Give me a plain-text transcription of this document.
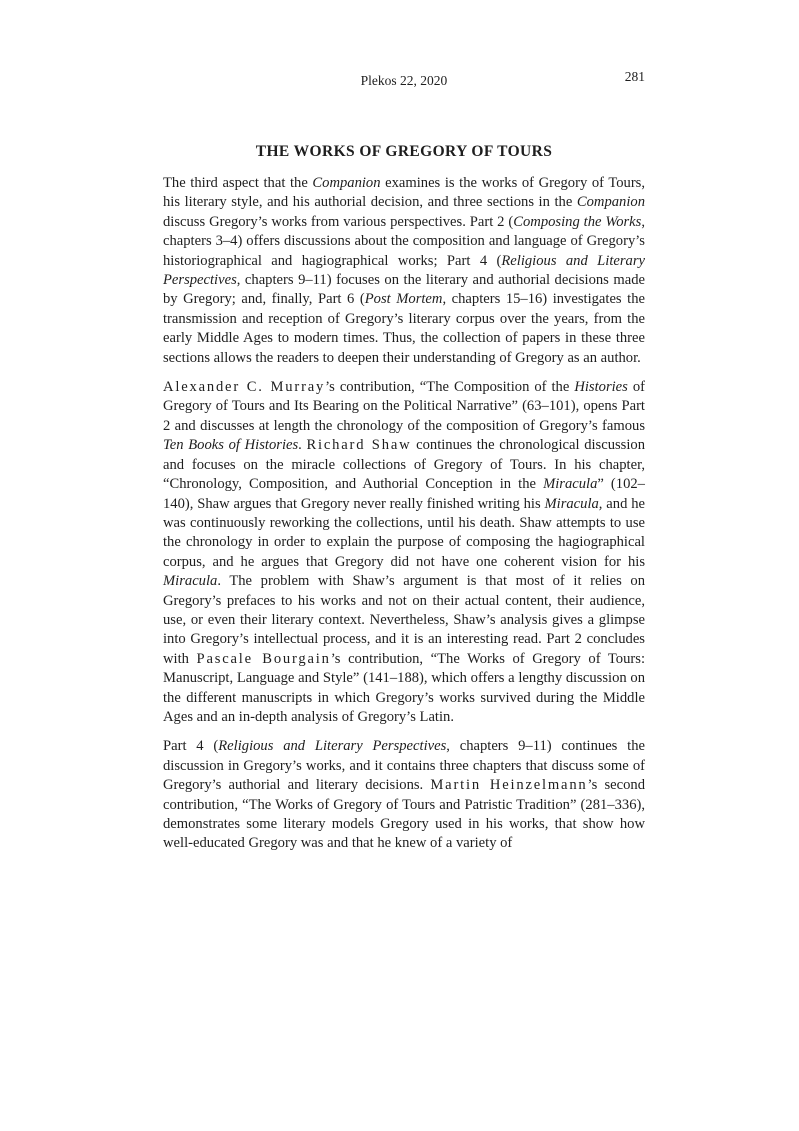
Plekos 22, 2020	281
THE WORKS OF GREGORY OF TOURS

The third aspect that the Companion examines is the works of Gregory of Tours, his literary style, and his authorial decision, and three sections in the Companion discuss Gregory’s works from various perspectives. Part 2 (Composing the Works, chapters 3–4) offers discussions about the composition and language of Gregory’s historiographical and hagiographical works; Part 4 (Religious and Literary Perspectives, chapters 9–11) focuses on the literary and authorial decisions made by Gregory; and, finally, Part 6 (Post Mortem, chapters 15–16) investigates the transmission and reception of Gregory’s literary corpus over the years, from the early Middle Ages to modern times. Thus, the collection of papers in these three sections allows the readers to deepen their understanding of Gregory as an author.

Alexander C. Murray’s contribution, “The Composition of the Histories of Gregory of Tours and Its Bearing on the Political Narrative” (63–101), opens Part 2 and discusses at length the chronology of the composition of Gregory’s famous Ten Books of Histories. Richard Shaw continues the chronological discussion and focuses on the miracle collections of Gregory of Tours. In his chapter, “Chronology, Composition, and Authorial Conception in the Miracula” (102–140), Shaw argues that Gregory never really finished writing his Miracula, and he was continuously reworking the collections, until his death. Shaw attempts to use the chronology in order to explain the purpose of composing the hagiographical corpus, and he argues that Gregory did not have one coherent vision for his Miracula. The problem with Shaw’s argument is that most of it relies on Gregory’s prefaces to his works and not on their actual content, their audience, use, or even their literary context. Nevertheless, Shaw’s analysis gives a glimpse into Gregory’s intellectual process, and it is an interesting read. Part 2 concludes with Pascale Bourgain’s contribution, “The Works of Gregory of Tours: Manuscript, Language and Style” (141–188), which offers a lengthy discussion on the different manuscripts in which Gregory’s works survived during the Middle Ages and an in-depth analysis of Gregory’s Latin.

Part 4 (Religious and Literary Perspectives, chapters 9–11) continues the discussion in Gregory’s works, and it contains three chapters that discuss some of Gregory’s authorial and literary decisions. Martin Heinzelmann’s second contribution, “The Works of Gregory of Tours and Patristic Tradition” (281–336), demonstrates some literary models Gregory used in his works, that show how well-educated Gregory was and that he knew of a variety of
